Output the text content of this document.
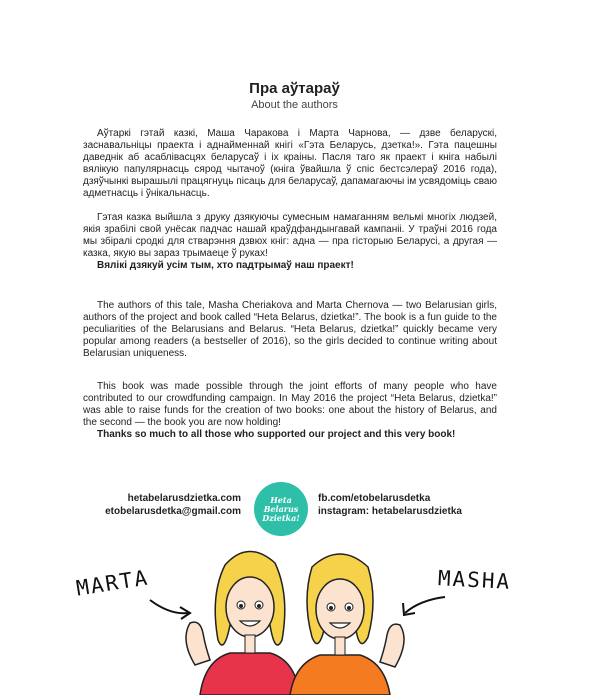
Пра аўтараў

About the authors

Аўтаркі гэтай казкі, Маша Чаракова і Марта Чарнова, — дзве беларускі, заснавальніцы праекта і аднайменнай кнігі «Гэта Беларусь, дзетка!». Гэта пацешны даведнік аб асаблівасцях беларусаў і іх краіны. Пасля таго як праект і кніга набылі вялікую папулярнасць сярод чытачоў (кніга ўвайшла ў спіс бестсэлераў 2016 года), дзяўчынкі вырашылі працягнуць пісаць для беларусаў, дапамагаючы ім усвядоміць сваю адметнасць і ўнікальнасць.

Гэтая казка выйшла з друку дзякуючы сумесным намаганням вельмі многіх людзей, якія зрабілі свой унёсак падчас нашай краўдфандынгавай кампаніі. У траўні 2016 года мы збіралі сродкі для стварэння дзвюх кніг: адна — пра гісторыю Беларусі, а другая — казка, якую вы зараз трымаеце ў руках!
Вялікі дзякуй усім тым, хто падтрымаў наш праект!

The authors of this tale, Masha Cheriakova and Marta Chernova — two Belarusian girls, authors of the project and book called “Heta Belarus, dzietka!”. The book is a fun guide to the peculiarities of the Belarusians and Belarus. “Heta Belarus, dzietka!” quickly became very popular among readers (a bestseller of 2016), so the girls decided to continue writing about Belarusian uniqueness.

This book was made possible through the joint efforts of many people who have contributed to our crowdfunding campaign. In May 2016 the project “Heta Belarus, dzietka!” was able to raise funds for the creation of two books: one about the history of Belarus, and the second — the book you are now holding!
Thanks so much to all those who supported our project and this very book!

hetabelarusdzietka.com
etobelarusdetka@gmail.com
Heta
Belarus
Dzietka!
fb.com/etobelarusdetka
instagram: hetabelarusdzietka
MARTA	MASHA
